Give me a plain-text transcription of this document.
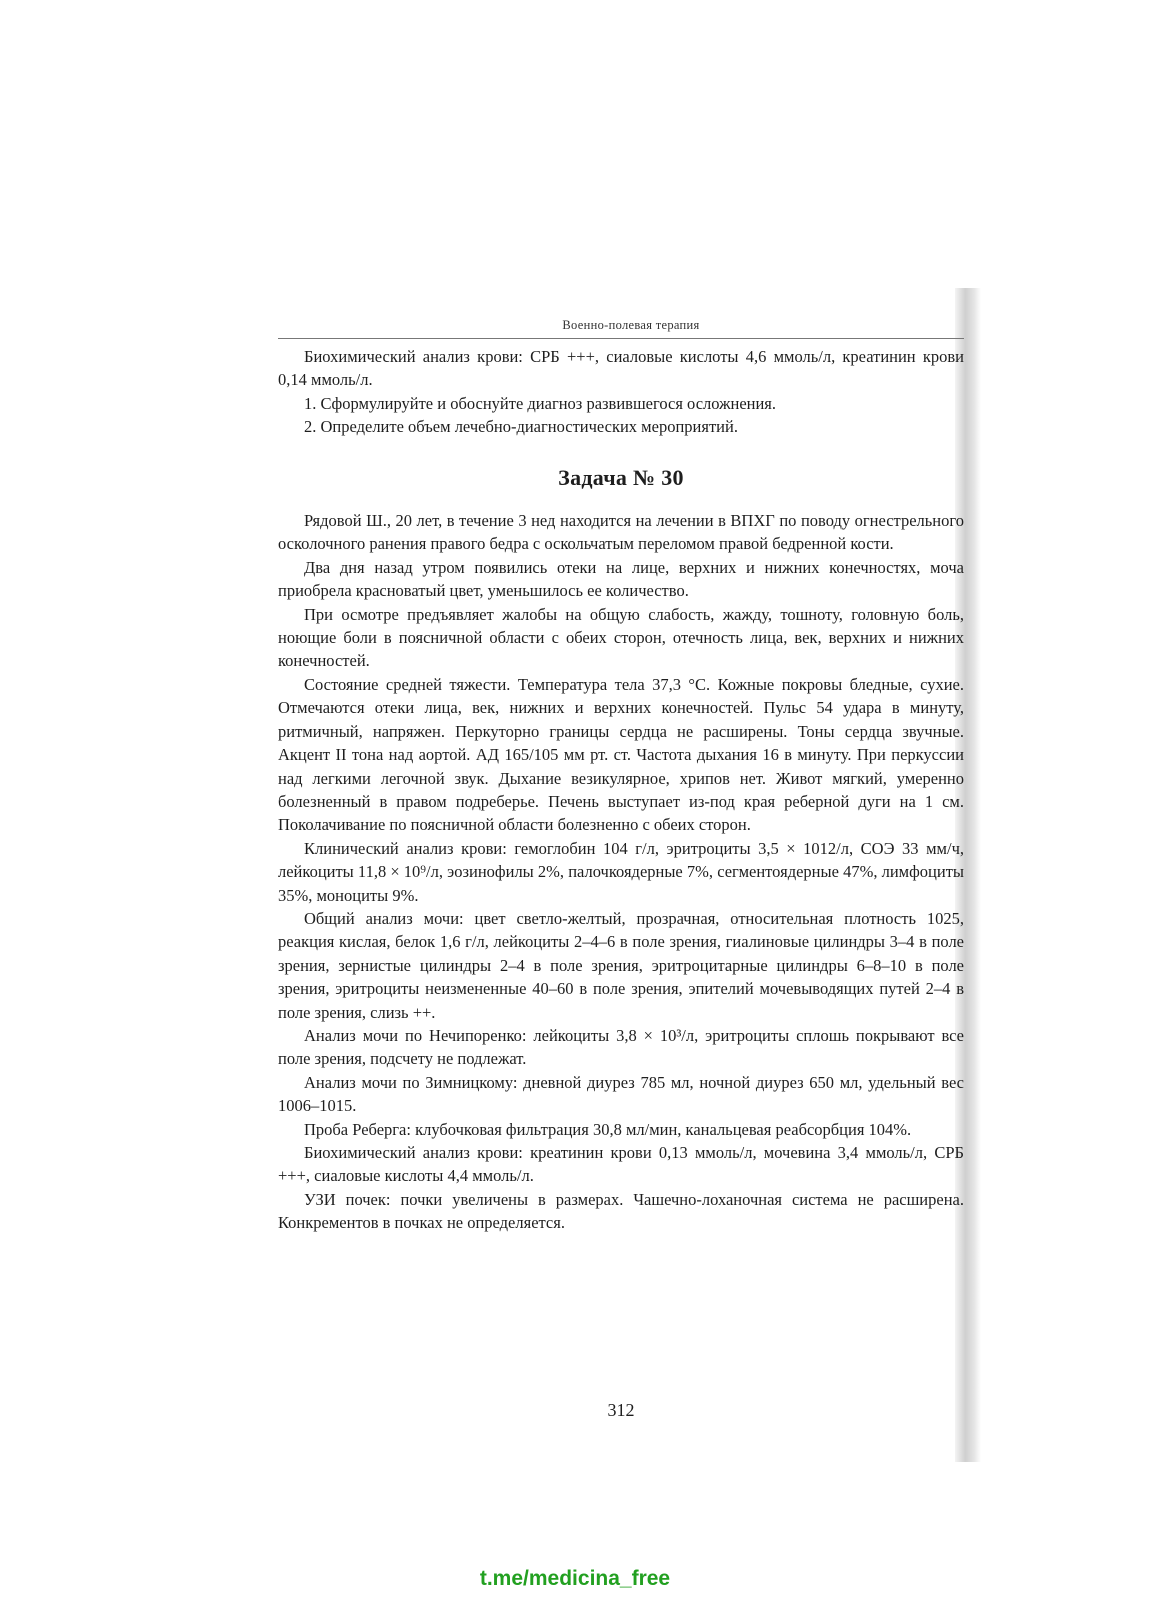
Военно-полевая терапия

Биохимический анализ крови: СРБ +++, сиаловые кислоты 4,6 ммоль/л, креатинин крови 0,14 ммоль/л.

1. Сформулируйте и обоснуйте диагноз развившегося осложнения.
2. Определите объем лечебно-диагностических мероприятий.
Задача № 30

Рядовой Ш., 20 лет, в течение 3 нед находится на лечении в ВПХГ по поводу огнестрельного осколочного ранения правого бедра с оскольчатым переломом правой бедренной кости.

Два дня назад утром появились отеки на лице, верхних и нижних конечностях, моча приобрела красноватый цвет, уменьшилось ее количество.

При осмотре предъявляет жалобы на общую слабость, жажду, тошноту, головную боль, ноющие боли в поясничной области с обеих сторон, отечность лица, век, верхних и нижних конечностей.

Состояние средней тяжести. Температура тела 37,3 °С. Кожные покровы бледные, сухие. Отмечаются отеки лица, век, нижних и верхних конечностей. Пульс 54 удара в минуту, ритмичный, напряжен. Перкуторно границы сердца не расширены. Тоны сердца звучные. Акцент II тона над аортой. АД 165/105 мм рт. ст. Частота дыхания 16 в минуту. При перкуссии над легкими легочной звук. Дыхание везикулярное, хрипов нет. Живот мягкий, умеренно болезненный в правом подреберье. Печень выступает из-под края реберной дуги на 1 см. Поколачивание по поясничной области болезненно с обеих сторон.

Клинический анализ крови: гемоглобин 104 г/л, эритроциты 3,5 × 1012/л, СОЭ 33 мм/ч, лейкоциты 11,8 × 10⁹/л, эозинофилы 2%, палочкоядерные 7%, сегментоядерные 47%, лимфоциты 35%, моноциты 9%.

Общий анализ мочи: цвет светло-желтый, прозрачная, относительная плотность 1025, реакция кислая, белок 1,6 г/л, лейкоциты 2–4–6 в поле зрения, гиалиновые цилиндры 3–4 в поле зрения, зернистые цилиндры 2–4 в поле зрения, эритроцитарные цилиндры 6–8–10 в поле зрения, эритроциты неизмененные 40–60 в поле зрения, эпителий мочевыводящих путей 2–4 в поле зрения, слизь ++.

Анализ мочи по Нечипоренко: лейкоциты 3,8 × 10³/л, эритроциты сплошь покрывают все поле зрения, подсчету не подлежат.

Анализ мочи по Зимницкому: дневной диурез 785 мл, ночной диурез 650 мл, удельный вес 1006–1015.

Проба Реберга: клубочковая фильтрация 30,8 мл/мин, канальцевая реабсорбция 104%.

Биохимический анализ крови: креатинин крови 0,13 ммоль/л, мочевина 3,4 ммоль/л, СРБ +++, сиаловые кислоты 4,4 ммоль/л.

УЗИ почек: почки увеличены в размерах. Чашечно-лоханочная система не расширена. Конкрементов в почках не определяется.

312
t.me/medicina_free
